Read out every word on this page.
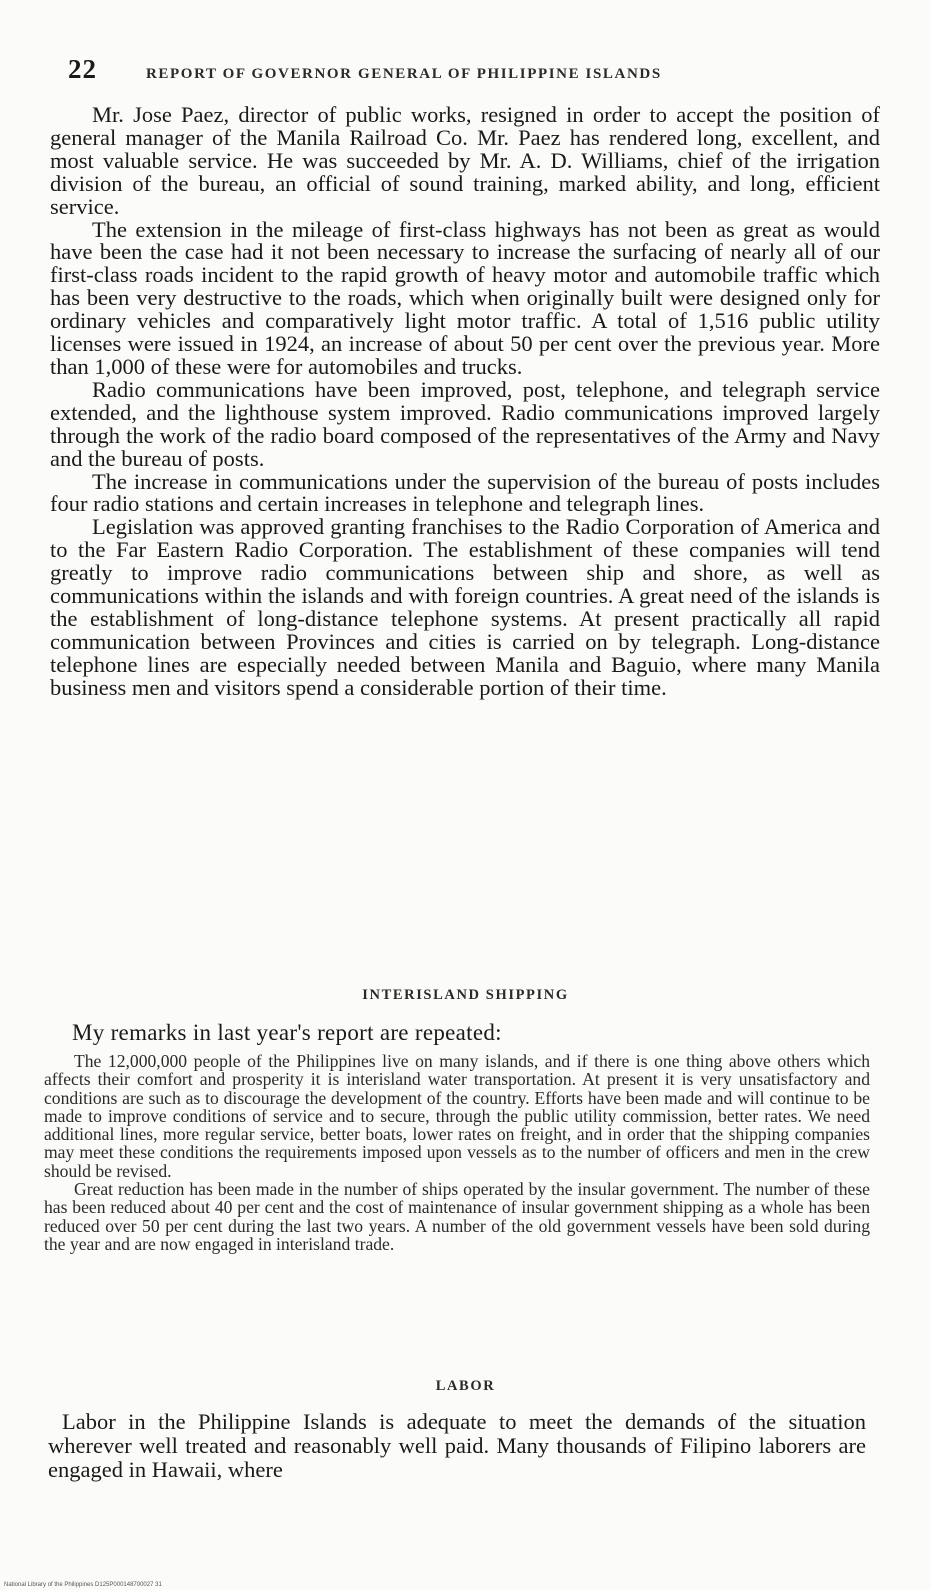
22	REPORT OF GOVERNOR GENERAL OF PHILIPPINE ISLANDS

Mr. Jose Paez, director of public works, resigned in order to accept the position of general manager of the Manila Railroad Co. Mr. Paez has rendered long, excellent, and most valuable service. He was succeeded by Mr. A. D. Williams, chief of the irrigation division of the bureau, an official of sound training, marked ability, and long, efficient service.

The extension in the mileage of first-class highways has not been as great as would have been the case had it not been necessary to increase the surfacing of nearly all of our first-class roads incident to the rapid growth of heavy motor and automobile traffic which has been very destructive to the roads, which when originally built were designed only for ordinary vehicles and comparatively light motor traffic. A total of 1,516 public utility licenses were issued in 1924, an increase of about 50 per cent over the previous year. More than 1,000 of these were for automobiles and trucks.

Radio communications have been improved, post, telephone, and telegraph service extended, and the lighthouse system improved. Radio communications improved largely through the work of the radio board composed of the representatives of the Army and Navy and the bureau of posts.

The increase in communications under the supervision of the bureau of posts includes four radio stations and certain increases in telephone and telegraph lines.

Legislation was approved granting franchises to the Radio Corporation of America and to the Far Eastern Radio Corporation. The establishment of these companies will tend greatly to improve radio communications between ship and shore, as well as communications within the islands and with foreign countries. A great need of the islands is the establishment of long-distance telephone systems. At present practically all rapid communication between Provinces and cities is carried on by telegraph. Long-distance telephone lines are especially needed between Manila and Baguio, where many Manila business men and visitors spend a considerable portion of their time.

INTERISLAND SHIPPING
My remarks in last year's report are repeated:

The 12,000,000 people of the Philippines live on many islands, and if there is one thing above others which affects their comfort and prosperity it is interisland water transportation. At present it is very unsatisfactory and conditions are such as to discourage the development of the country. Efforts have been made and will continue to be made to improve conditions of service and to secure, through the public utility commission, better rates. We need additional lines, more regular service, better boats, lower rates on freight, and in order that the shipping companies may meet these conditions the requirements imposed upon vessels as to the number of officers and men in the crew should be revised.

Great reduction has been made in the number of ships operated by the insular government. The number of these has been reduced about 40 per cent and the cost of maintenance of insular government shipping as a whole has been reduced over 50 per cent during the last two years. A number of the old government vessels have been sold during the year and are now engaged in interisland trade.

LABOR

Labor in the Philippine Islands is adequate to meet the demands of the situation wherever well treated and reasonably well paid. Many thousands of Filipino laborers are engaged in Hawaii, where

National Library of the Philippines D125P000148700027 31
